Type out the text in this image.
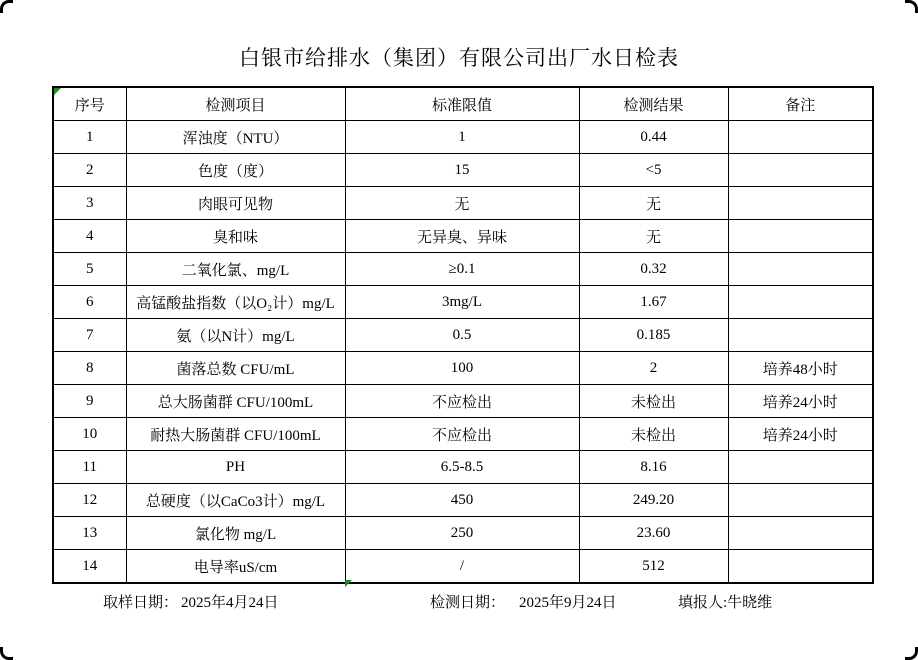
白银市给排水（集团）有限公司出厂水日检表
序号	检测项目	标准限值	检测结果	备注
1	浑浊度（NTU）	1	0.44	
2	色度（度）	15	<5	
3	肉眼可见物	无	无	
4	臭和味	无异臭、异味	无	
5	二氧化氯、mg/L	≥0.1	0.32	
6	高锰酸盐指数（以O₂计）mg/L	3mg/L	1.67	
7	氨（以N计）mg/L	0.5	0.185	
8	菌落总数 CFU/mL	100	2	培养48小时
9	总大肠菌群 CFU/100mL	不应检出	未检出	培养24小时
10	耐热大肠菌群 CFU/100mL	不应检出	未检出	培养24小时
11	PH	6.5-8.5	8.16	
12	总硬度（以CaCo3计）mg/L	450	249.20	
13	氯化物 mg/L	250	23.60	
14	电导率uS/cm	/	512	
取样日期： 2025年4月24日	检测日期： 2025年9月24日	填报人:牛晓维
